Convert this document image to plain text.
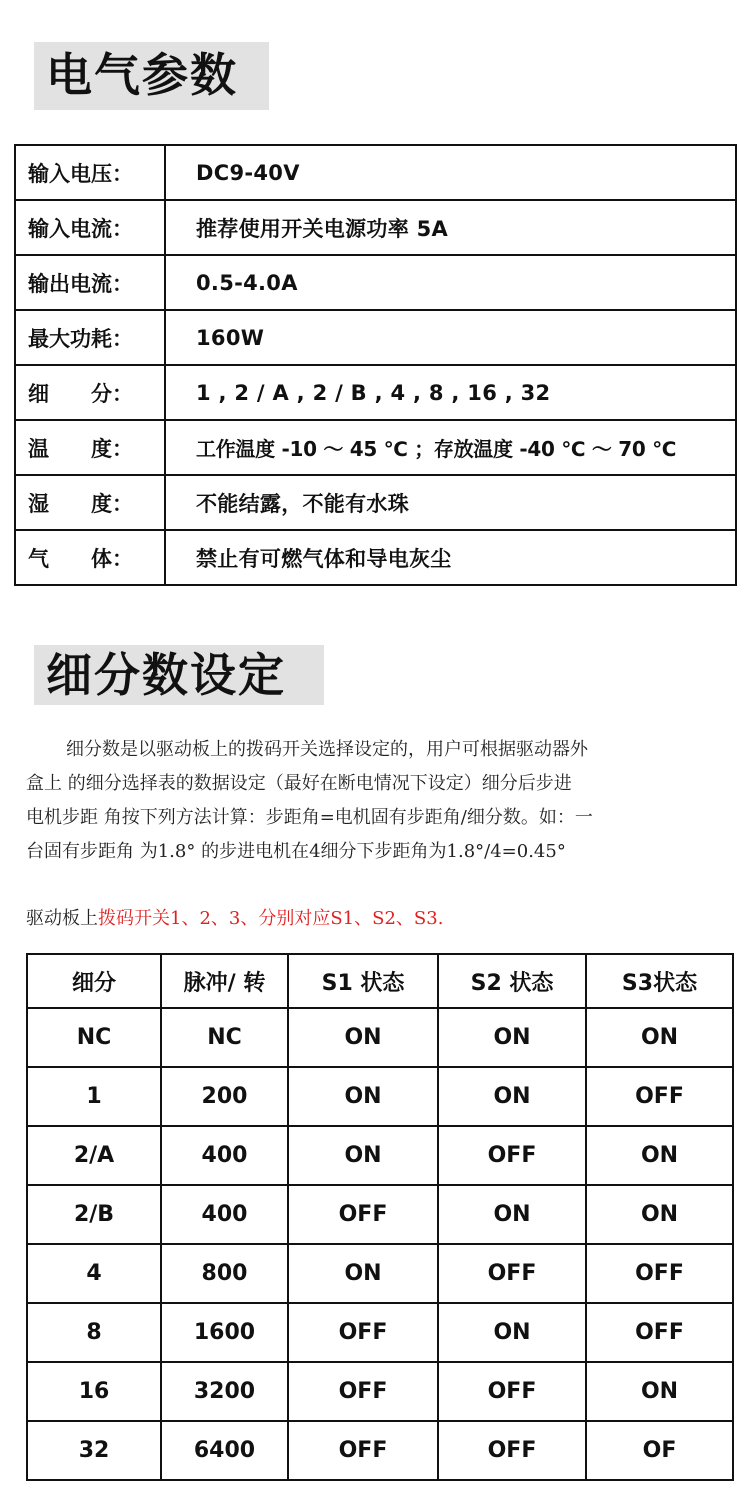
电气参数
输入电压：	DC9-40V
输入电流：	推荐使用开关电源功率 5A
输出电流：	0.5-4.0A
最大功耗：	160W
细　　分：	1 , 2 / A , 2 / B , 4 , 8 , 16 , 32
温　　度：	工作温度 -10 ～ 45 ℃ ；存放温度 -40 ℃ ～ 70 ℃
湿　　度：	不能结露，不能有水珠
气　　体：	禁止有可燃气体和导电灰尘
细分数设定
细分数是以驱动板上的拨码开关选择设定的，用户可根据驱动器外
盒上 的细分选择表的数据设定（最好在断电情况下设定）细分后步进
电机步距 角按下列方法计算：步距角=电机固有步距角/细分数。如：一
台固有步距角 为1.8° 的步进电机在4细分下步距角为1.8°/4=0.45°
驱动板上拨码开关1、2、3、分别对应S1、S2、S3.
细分	脉冲/ 转	S1 状态	S2 状态	S3状态
NC	NC	ON	ON	ON
1	200	ON	ON	OFF
2/A	400	ON	OFF	ON
2/B	400	OFF	ON	ON
4	800	ON	OFF	OFF
8	1600	OFF	ON	OFF
16	3200	OFF	OFF	ON
32	6400	OFF	OFF	OF
